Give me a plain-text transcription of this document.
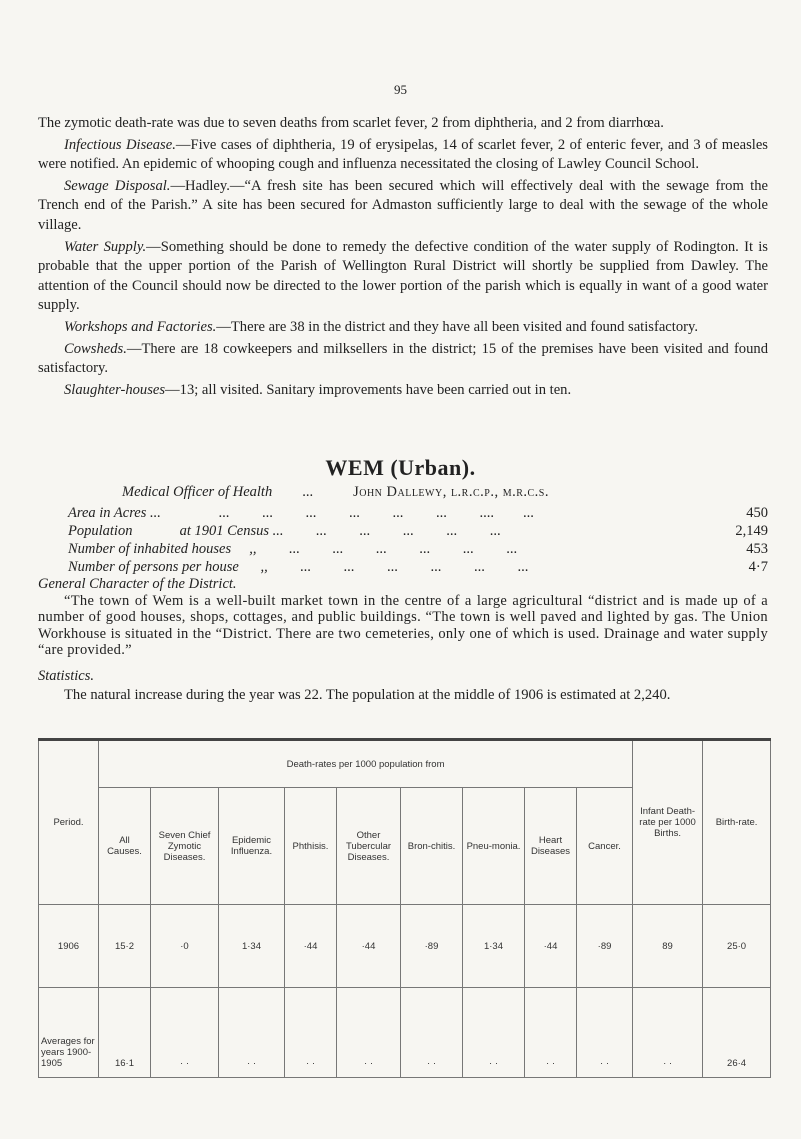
95

The zymotic death-rate was due to seven deaths from scarlet fever, 2 from diphtheria, and 2 from diarrhœa.

Infectious Disease.—Five cases of diphtheria, 19 of erysipelas, 14 of scarlet fever, 2 of enteric fever, and 3 of measles were notified. An epidemic of whooping cough and influenza necessitated the closing of Lawley Council School.

Sewage Disposal.—Hadley.—“A fresh site has been secured which will effectively deal with the sewage from the Trench end of the Parish.” A site has been secured for Admaston sufficiently large to deal with the sewage of the whole village.

Water Supply.—Something should be done to remedy the defective condition of the water supply of Rodington. It is probable that the upper portion of the Parish of Wellington Rural District will shortly be supplied from Dawley. The attention of the Council should now be directed to the lower portion of the parish which is equally in want of a good water supply.

Workshops and Factories.—There are 38 in the district and they have all been visited and found satisfactory.

Cowsheds.—There are 18 cowkeepers and milksellers in the district; 15 of the premises have been visited and found satisfactory.

Slaughter-houses—13; all visited. Sanitary improvements have been carried out in ten.

WEM (Urban).
Medical Officer of Health ...	John Dallewy, l.r.c.p., m.r.c.s.
Area in Acres ...                ...         ...         ...         ...         ...         ...         ....        ...	450
Population             at 1901 Census ...         ...         ...         ...         ...         ...	2,149
Number of inhabited houses     ,,         ...         ...         ...         ...         ...         ...	453
Number of persons per house      ,,         ...         ...         ...         ...         ...         ...	4·7
General Character of the District.
“The town of Wem is a well-built market town in the centre of a large agricultural “district and is made up of a number of good houses, shops, cottages, and public buildings. “The town is well paved and lighted by gas. The Union Workhouse is situated in the “District. There are two cemeteries, only one of which is used. Drainage and water supply “are provided.”
Statistics.
The natural increase during the year was 22. The population at the middle of 1906 is estimated at 2,240.
Period.	Death-rates per 1000 population from									Infant Death-rate per 1000 Births.	Birth-rate.
	All Causes.	Seven Chief Zymotic Diseases.	Epidemic Influenza.	Phthisis.	Other Tubercular Diseases.	Bron-chitis.	Pneu-monia.	Heart Diseases	Cancer.		
1906	15·2	·0	1·34	·44	·44	·89	1·34	·44	·89	89	25·0
Averages for years 1900-1905	16·1	· ·	· ·	· ·	· ·	· ·	· ·	· ·	· ·	· ·	26·4
